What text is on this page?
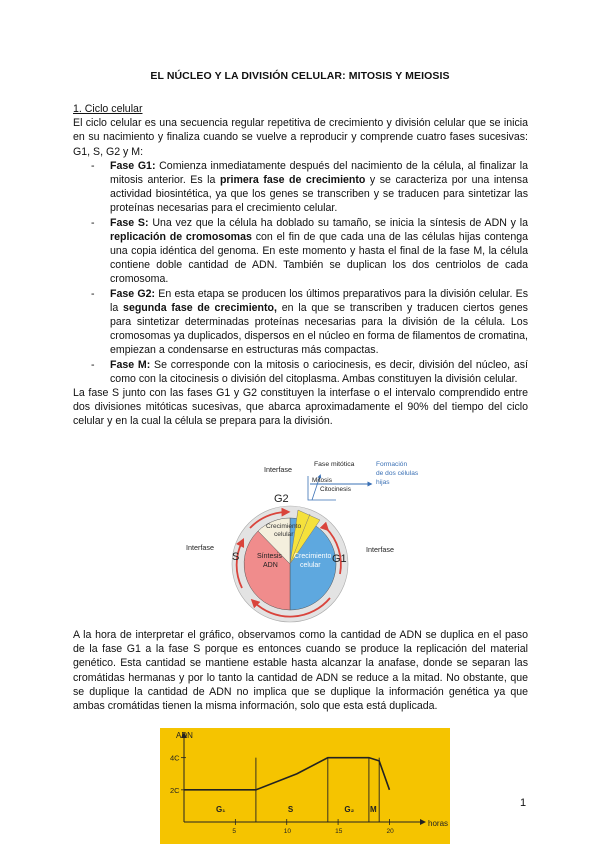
EL NÚCLEO Y LA DIVISIÓN CELULAR: MITOSIS Y MEIOSIS

1. Ciclo celular

El ciclo celular es una secuencia regular repetitiva de crecimiento y división celular que se inicia en su nacimiento y finaliza cuando se vuelve a reproducir y comprende cuatro fases sucesivas: G1, S, G2 y M:

- Fase G1: Comienza inmediatamente después del nacimiento de la célula, al finalizar la mitosis anterior. Es la primera fase de crecimiento y se caracteriza por una intensa actividad biosintética, ya que los genes se transcriben y se traducen para sintetizar las proteínas necesarias para el crecimiento celular.
- Fase S: Una vez que la célula ha doblado su tamaño, se inicia la síntesis de ADN y la replicación de cromosomas con el fin de que cada una de las células hijas contenga una copia idéntica del genoma. En este momento y hasta el final de la fase M, la célula contiene doble cantidad de ADN. También se duplican los dos centriolos de cada cromosoma.
- Fase G2: En esta etapa se producen los últimos preparativos para la división celular. Es la segunda fase de crecimiento, en la que se transcriben y traducen ciertos genes para sintetizar determinadas proteínas necesarias para la división de la célula. Los cromosomas ya duplicados, dispersos en el núcleo en forma de filamentos de cromatina, empiezan a condensarse en estructuras más compactas.
- Fase M: Se corresponde con la mitosis o cariocinesis, es decir, división del núcleo, así como con la citocinesis o división del citoplasma. Ambas constituyen la división celular.

La fase S junto con las fases G1 y G2 constituyen la interfase o el intervalo comprendido entre dos divisiones mitóticas sucesivas, que abarca aproximadamente el 90% del tiempo del ciclo celular y en la cual la célula se prepara para la división.

Interfase
Fase mitótica	Formación
de dos células
hijas
Mitosis
Citocinesis
G2
Crecimiento
celular
Interfase
S	Síntesis
ADN
Crecimiento
celular
G1
Interfase
A la hora de interpretar el gráfico, observamos como la cantidad de ADN se duplica en el paso de la fase G1 a la fase S porque es entonces cuando se produce la replicación del material genético. Esta cantidad se mantiene estable hasta alcanzar la anafase, donde se separan las cromátidas hermanas y por lo tanto la cantidad de ADN se reduce a la mitad. No obstante, que se duplique la cantidad de ADN no implica que se duplique la información genética ya que ambas cromátidas tienen la misma información, solo que esta está duplicada.
ADN
horas
2C
4C
5	10	15	20
G₁	S	G₂ M
1
